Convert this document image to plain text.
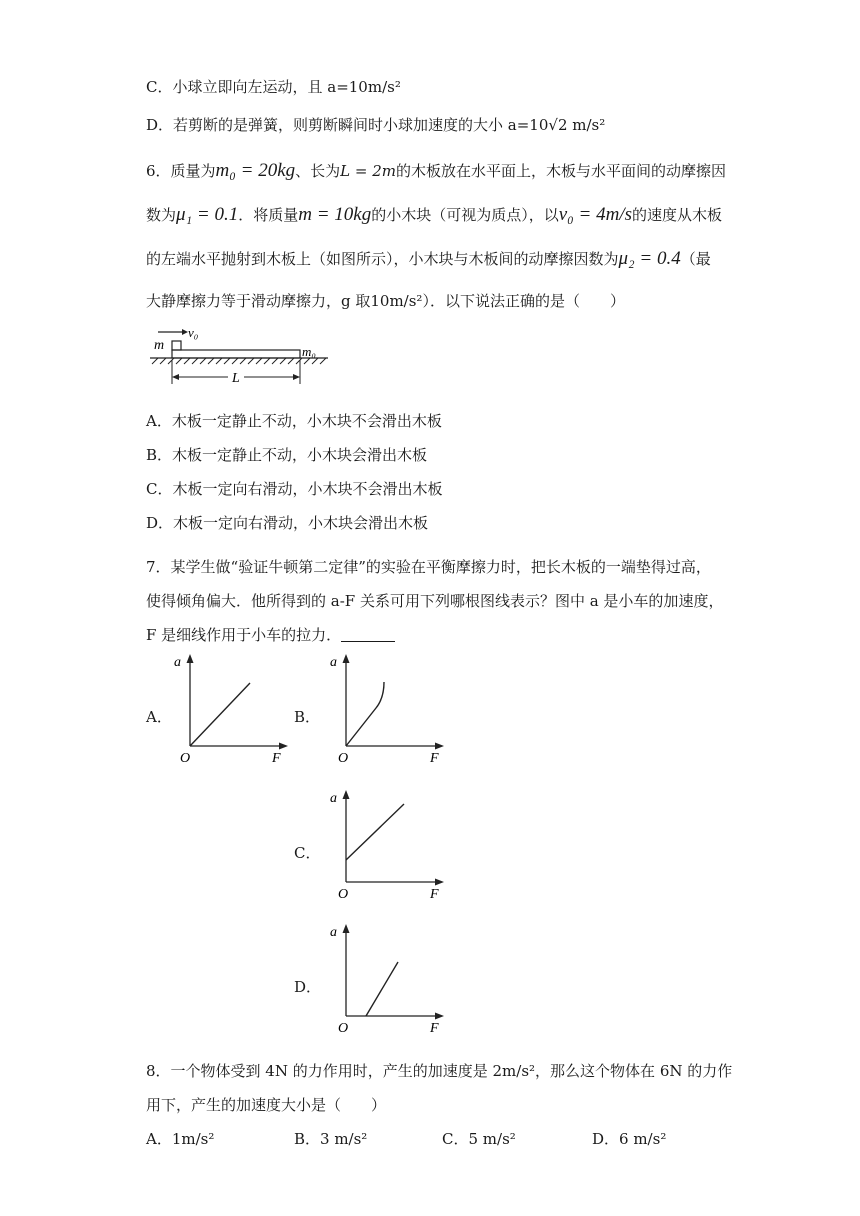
C．小球立即向左运动，且 a=10m/s²
D．若剪断的是弹簧，则剪断瞬间时小球加速度的大小 a=10√2 m/s²
6．质量为m₀ = 20kg、长为L = 2m的木板放在水平面上，木板与水平面间的动摩擦因
数为μ₁ = 0.1．将质量m = 10kg的小木块（可视为质点），以v₀ = 4m/s的速度从木板
的左端水平抛射到木板上（如图所示），小木块与木板间的动摩擦因数为μ₂ = 0.4（最
大静摩擦力等于滑动摩擦力，g 取10m/s²）．以下说法正确的是（　　）
v₀
m	m₀
L
A．木板一定静止不动，小木块不会滑出木板
B．木板一定静止不动，小木块会滑出木板
C．木板一定向右滑动，小木块不会滑出木板
D．木板一定向右滑动，小木块会滑出木板
7．某学生做“验证牛顿第二定律”的实验在平衡摩擦力时，把长木板的一端垫得过高，
使得倾角偏大．他所得到的 a-F 关系可用下列哪根图线表示？图中 a 是小车的加速度，
F 是细线作用于小车的拉力．
A．
a
O	F
B．
a
O	F
C．
a
O	F
D．
a
O	F
8．一个物体受到 4N 的力作用时，产生的加速度是 2m/s²，那么这个物体在 6N 的力作
用下，产生的加速度大小是（　　）
A．1m/s²	B．3 m/s²	C．5 m/s²	D．6 m/s²
